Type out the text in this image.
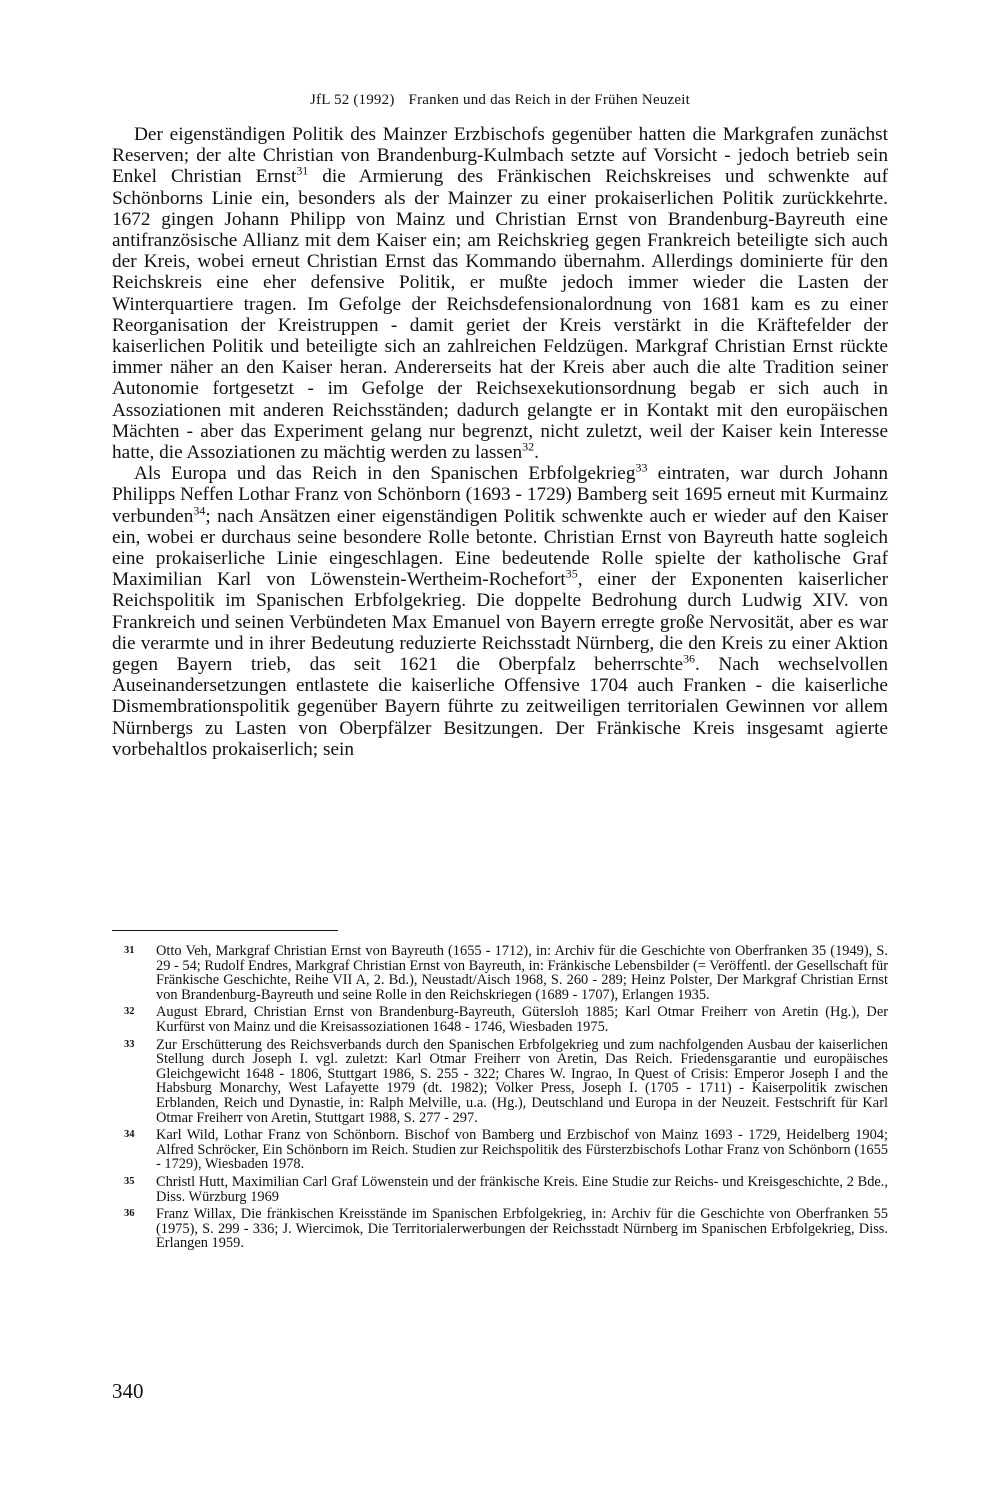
JfL 52 (1992) Franken und das Reich in der Frühen Neuzeit

Der eigenständigen Politik des Mainzer Erzbischofs gegenüber hatten die Markgrafen zunächst Reserven; der alte Christian von Brandenburg-Kulmbach setzte auf Vorsicht - jedoch betrieb sein Enkel Christian Ernst$^{31}$ die Armierung des Fränkischen Reichskreises und schwenkte auf Schönborns Linie ein, besonders als der Mainzer zu einer prokaiserlichen Politik zurückkehrte. 1672 gingen Johann Philipp von Mainz und Christian Ernst von Brandenburg-Bayreuth eine antifranzösische Allianz mit dem Kaiser ein; am Reichskrieg gegen Frankreich beteiligte sich auch der Kreis, wobei erneut Christian Ernst das Kommando übernahm. Allerdings dominierte für den Reichskreis eine eher defensive Politik, er mußte jedoch immer wieder die Lasten der Winterquartiere tragen. Im Gefolge der Reichsdefensionalordnung von 1681 kam es zu einer Reorganisation der Kreistruppen - damit geriet der Kreis verstärkt in die Kräftefelder der kaiserlichen Politik und beteiligte sich an zahlreichen Feldzügen. Markgraf Christian Ernst rückte immer näher an den Kaiser heran. Andererseits hat der Kreis aber auch die alte Tradition seiner Autonomie fortgesetzt - im Gefolge der Reichsexekutionsordnung begab er sich auch in Assoziationen mit anderen Reichsständen; dadurch gelangte er in Kontakt mit den europäischen Mächten - aber das Experiment gelang nur begrenzt, nicht zuletzt, weil der Kaiser kein Interesse hatte, die Assoziationen zu mächtig werden zu lassen$^{32}$.

Als Europa und das Reich in den Spanischen Erbfolgekrieg$^{33}$ eintraten, war durch Johann Philipps Neffen Lothar Franz von Schönborn (1693 - 1729) Bamberg seit 1695 erneut mit Kurmainz verbunden$^{34}$; nach Ansätzen einer eigenständigen Politik schwenkte auch er wieder auf den Kaiser ein, wobei er durchaus seine besondere Rolle betonte. Christian Ernst von Bayreuth hatte sogleich eine prokaiserliche Linie eingeschlagen. Eine bedeutende Rolle spielte der katholische Graf Maximilian Karl von Löwenstein-Wertheim-Rochefort$^{35}$, einer der Exponenten kaiserlicher Reichspolitik im Spanischen Erbfolgekrieg. Die doppelte Bedrohung durch Ludwig XIV. von Frankreich und seinen Verbündeten Max Emanuel von Bayern erregte große Nervosität, aber es war die verarmte und in ihrer Bedeutung reduzierte Reichsstadt Nürnberg, die den Kreis zu einer Aktion gegen Bayern trieb, das seit 1621 die Oberpfalz beherrschte$^{36}$. Nach wechselvollen Auseinandersetzungen entlastete die kaiserliche Offensive 1704 auch Franken - die kaiserliche Dismembrationspolitik gegenüber Bayern führte zu zeitweiligen territorialen Gewinnen vor allem Nürnbergs zu Lasten von Oberpfälzer Besitzungen. Der Fränkische Kreis insgesamt agierte vorbehaltlos prokaiserlich; sein

31	Otto Veh, Markgraf Christian Ernst von Bayreuth (1655 - 1712), in: Archiv für die Geschichte von Oberfranken 35 (1949), S. 29 - 54; Rudolf Endres, Markgraf Christian Ernst von Bayreuth, in: Fränkische Lebensbilder (= Veröffentl. der Gesellschaft für Fränkische Geschichte, Reihe VII A, 2. Bd.), Neustadt/Aisch 1968, S. 260 - 289; Heinz Polster, Der Markgraf Christian Ernst von Brandenburg-Bayreuth und seine Rolle in den Reichskriegen (1689 - 1707), Erlangen 1935.
32	August Ebrard, Christian Ernst von Brandenburg-Bayreuth, Gütersloh 1885; Karl Otmar Freiherr von Aretin (Hg.), Der Kurfürst von Mainz und die Kreisassoziationen 1648 - 1746, Wiesbaden 1975.
33	Zur Erschütterung des Reichsverbands durch den Spanischen Erbfolgekrieg und zum nachfolgenden Ausbau der kaiserlichen Stellung durch Joseph I. vgl. zuletzt: Karl Otmar Freiherr von Aretin, Das Reich. Friedensgarantie und europäisches Gleichgewicht 1648 - 1806, Stuttgart 1986, S. 255 - 322; Chares W. Ingrao, In Quest of Crisis: Emperor Joseph I and the Habsburg Monarchy, West Lafayette 1979 (dt. 1982); Volker Press, Joseph I. (1705 - 1711) - Kaiserpolitik zwischen Erblanden, Reich und Dynastie, in: Ralph Melville, u.a. (Hg.), Deutschland und Europa in der Neuzeit. Festschrift für Karl Otmar Freiherr von Aretin, Stuttgart 1988, S. 277 - 297.
34	Karl Wild, Lothar Franz von Schönborn. Bischof von Bamberg und Erzbischof von Mainz 1693 - 1729, Heidelberg 1904; Alfred Schröcker, Ein Schönborn im Reich. Studien zur Reichspolitik des Fürsterzbischofs Lothar Franz von Schönborn (1655 - 1729), Wiesbaden 1978.
35	Christl Hutt, Maximilian Carl Graf Löwenstein und der fränkische Kreis. Eine Studie zur Reichs- und Kreisgeschichte, 2 Bde., Diss. Würzburg 1969
36	Franz Willax, Die fränkischen Kreisstände im Spanischen Erbfolgekrieg, in: Archiv für die Geschichte von Oberfranken 55 (1975), S. 299 - 336; J. Wiercimok, Die Territorialerwerbungen der Reichsstadt Nürnberg im Spanischen Erbfolgekrieg, Diss. Erlangen 1959.
340
